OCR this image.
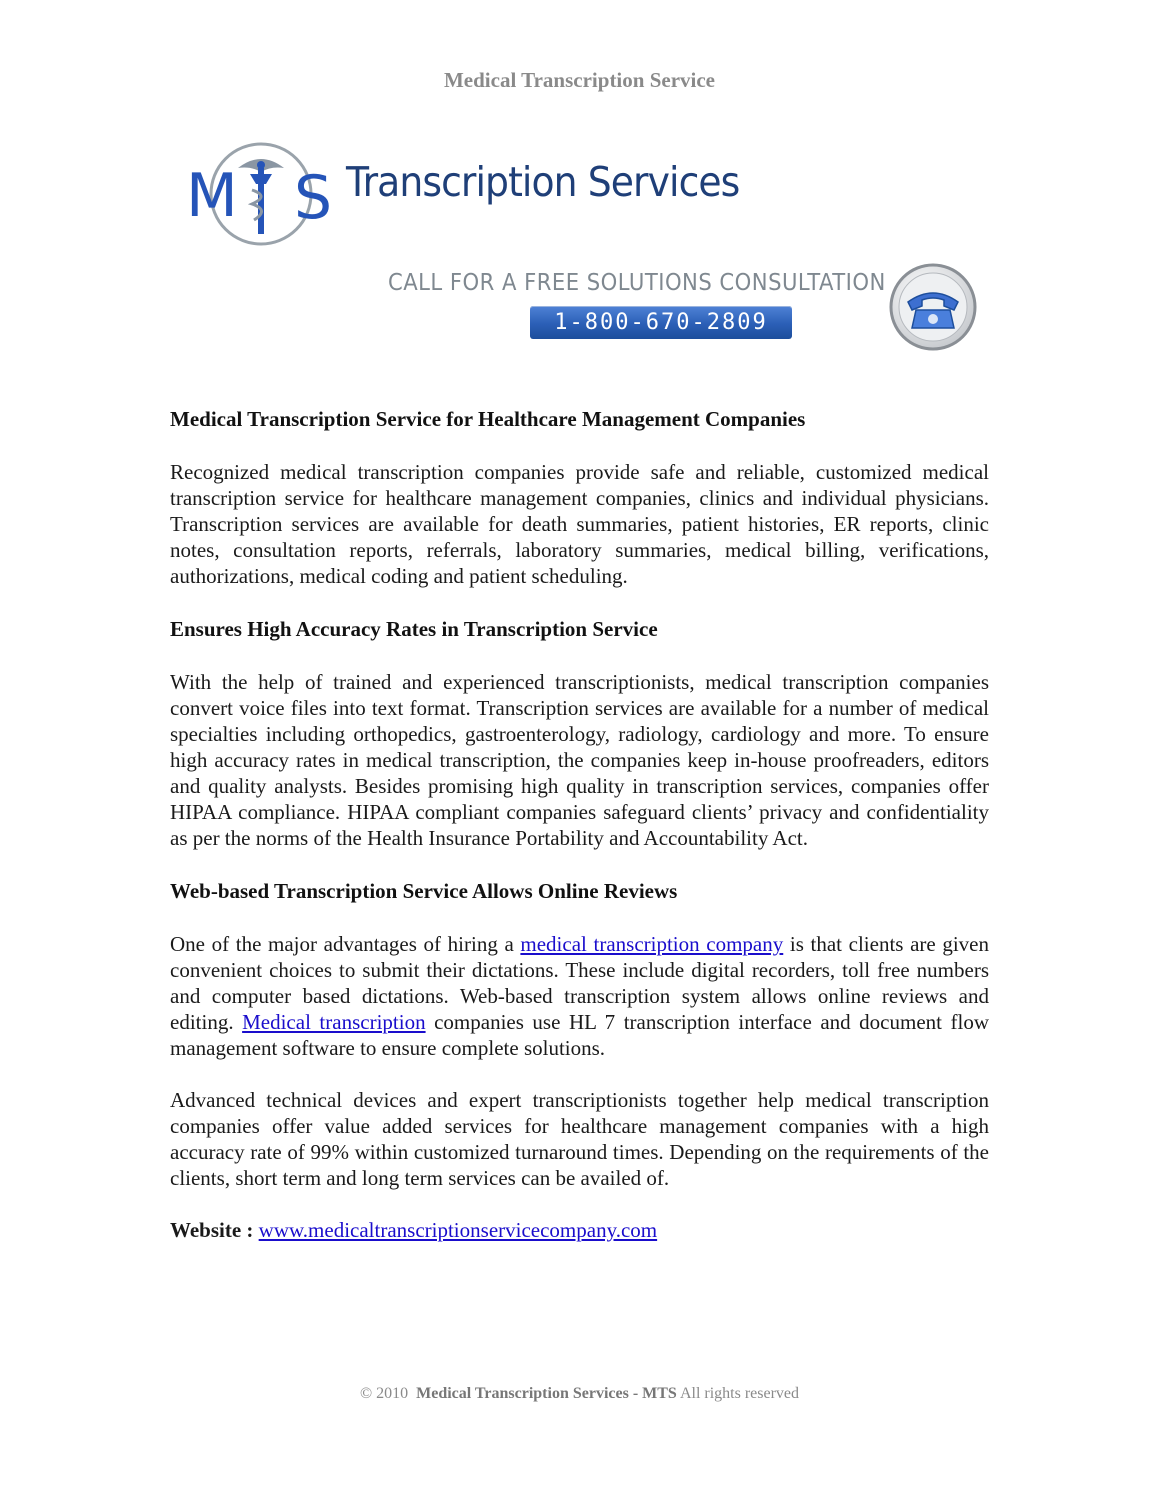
Medical Transcription Service
M S Transcription Services
CALL FOR A FREE SOLUTIONS CONSULTATION
1-800-670-2809
Medical Transcription Service for Healthcare Management Companies

Recognized medical transcription companies provide safe and reliable, customized medical transcription service for healthcare management companies, clinics and individual physicians. Transcription services are available for death summaries, patient histories, ER reports, clinic notes, consultation reports, referrals, laboratory summaries, medical billing, verifications, authorizations, medical coding and patient scheduling.

Ensures High Accuracy Rates in Transcription Service

With the help of trained and experienced transcriptionists, medical transcription companies convert voice files into text format. Transcription services are available for a number of medical specialties including orthopedics, gastroenterology, radiology, cardiology and more. To ensure high accuracy rates in medical transcription, the companies keep in-house proofreaders, editors and quality analysts. Besides promising high quality in transcription services, companies offer HIPAA compliance. HIPAA compliant companies safeguard clients’ privacy and confidentiality as per the norms of the Health Insurance Portability and Accountability Act.

Web-based Transcription Service Allows Online Reviews

One of the major advantages of hiring a medical transcription company is that clients are given convenient choices to submit their dictations. These include digital recorders, toll free numbers and computer based dictations. Web-based transcription system allows online reviews and editing. Medical transcription companies use HL 7 transcription interface and document flow management software to ensure complete solutions.

Advanced technical devices and expert transcriptionists together help medical transcription companies offer value added services for healthcare management companies with a high accuracy rate of 99% within customized turnaround times. Depending on the requirements of the clients, short term and long term services can be availed of.

Website : www.medicaltranscriptionservicecompany.com

© 2010 Medical Transcription Services - MTS All rights reserved
